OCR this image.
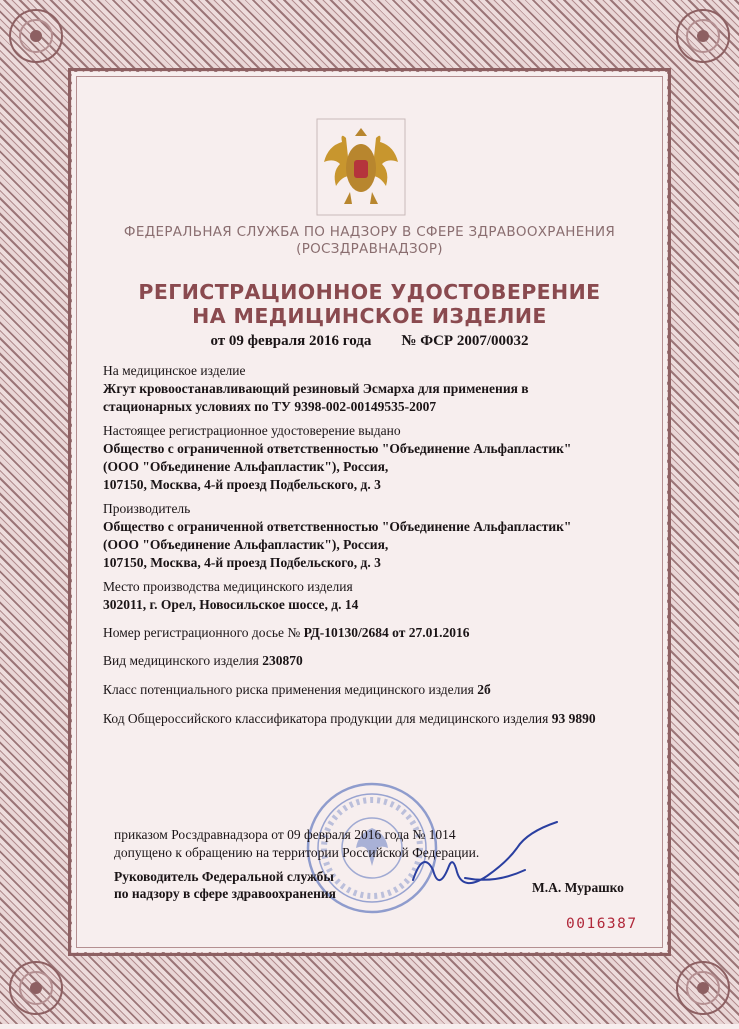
ФЕДЕРАЛЬНАЯ СЛУЖБА ПО НАДЗОРУ В СФЕРЕ ЗДРАВООХРАНЕНИЯ
(РОСЗДРАВНАДЗОР)
РЕГИСТРАЦИОННОЕ УДОСТОВЕРЕНИЕ
НА МЕДИЦИНСКОЕ ИЗДЕЛИЕ
от 09 февраля 2016 года № ФСР 2007/00032
На медицинское изделие
Жгут кровоостанавливающий резиновый Эсмарха для применения в
стационарных условиях по ТУ 9398-002-00149535-2007
Настоящее регистрационное удостоверение выдано
Общество с ограниченной ответственностью "Объединение Альфапластик"
(ООО "Объединение Альфапластик"), Россия,
107150, Москва, 4-й проезд Подбельского, д. 3
Производитель
Общество с ограниченной ответственностью "Объединение Альфапластик"
(ООО "Объединение Альфапластик"), Россия,
107150, Москва, 4-й проезд Подбельского, д. 3
Место производства медицинского изделия
302011, г. Орел, Новосильское шоссе, д. 14
Номер регистрационного досье № РД-10130/2684 от 27.01.2016
Вид медицинского изделия 230870
Класс потенциального риска применения медицинского изделия 2б
Код Общероссийского классификатора продукции для медицинского изделия 93 9890
приказом Росздравнадзора от 09 февраля 2016 года № 1014
допущено к обращению на территории Российской Федерации.
Руководитель Федеральной службы
по надзору в сфере здравоохранения	М.А. Мурашко
0016387
